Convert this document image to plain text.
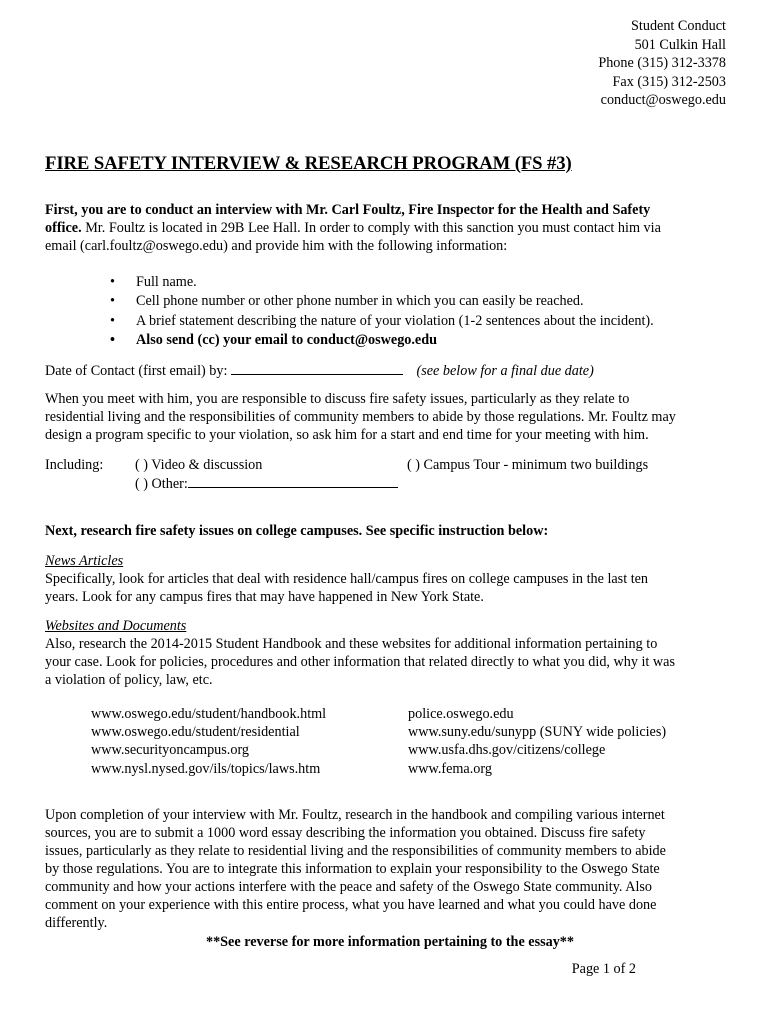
Student Conduct
501 Culkin Hall
Phone (315) 312-3378
Fax (315) 312-2503
conduct@oswego.edu
FIRE SAFETY INTERVIEW & RESEARCH PROGRAM (FS #3)
First, you are to conduct an interview with Mr. Carl Foultz, Fire Inspector for the Health and Safety
office. Mr. Foultz is located in 29B Lee Hall. In order to comply with this sanction you must contact him via
email (carl.foultz@oswego.edu) and provide him with the following information:
• Full name.
• Cell phone number or other phone number in which you can easily be reached.
• A brief statement describing the nature of your violation (1-2 sentences about the incident).
• Also send (cc) your email to conduct@oswego.edu
Date of Contact (first email) by:	(see below for a final due date)
When you meet with him, you are responsible to discuss fire safety issues, particularly as they relate to
residential living and the responsibilities of community members to abide by those regulations. Mr. Foultz may
design a program specific to your violation, so ask him for a start and end time for your meeting with him.
Including: ( ) Video & discussion	( ) Campus Tour - minimum two buildings
( ) Other:
Next, research fire safety issues on college campuses. See specific instruction below:
News Articles
Specifically, look for articles that deal with residence hall/campus fires on college campuses in the last ten
years. Look for any campus fires that may have happened in New York State.
Websites and Documents
Also, research the 2014-2015 Student Handbook and these websites for additional information pertaining to
your case. Look for policies, procedures and other information that related directly to what you did, why it was
a violation of policy, law, etc.
www.oswego.edu/student/handbook.html
www.oswego.edu/student/residential
www.securityoncampus.org
www.nysl.nysed.gov/ils/topics/laws.htm
police.oswego.edu
www.suny.edu/sunypp (SUNY wide policies)
www.usfa.dhs.gov/citizens/college
www.fema.org
Upon completion of your interview with Mr. Foultz, research in the handbook and compiling various internet
sources, you are to submit a 1000 word essay describing the information you obtained. Discuss fire safety
issues, particularly as they relate to residential living and the responsibilities of community members to abide
by those regulations. You are to integrate this information to explain your responsibility to the Oswego State
community and how your actions interfere with the peace and safety of the Oswego State community. Also
comment on your experience with this entire process, what you have learned and what you could have done
differently.
**See reverse for more information pertaining to the essay**
Page 1 of 2
